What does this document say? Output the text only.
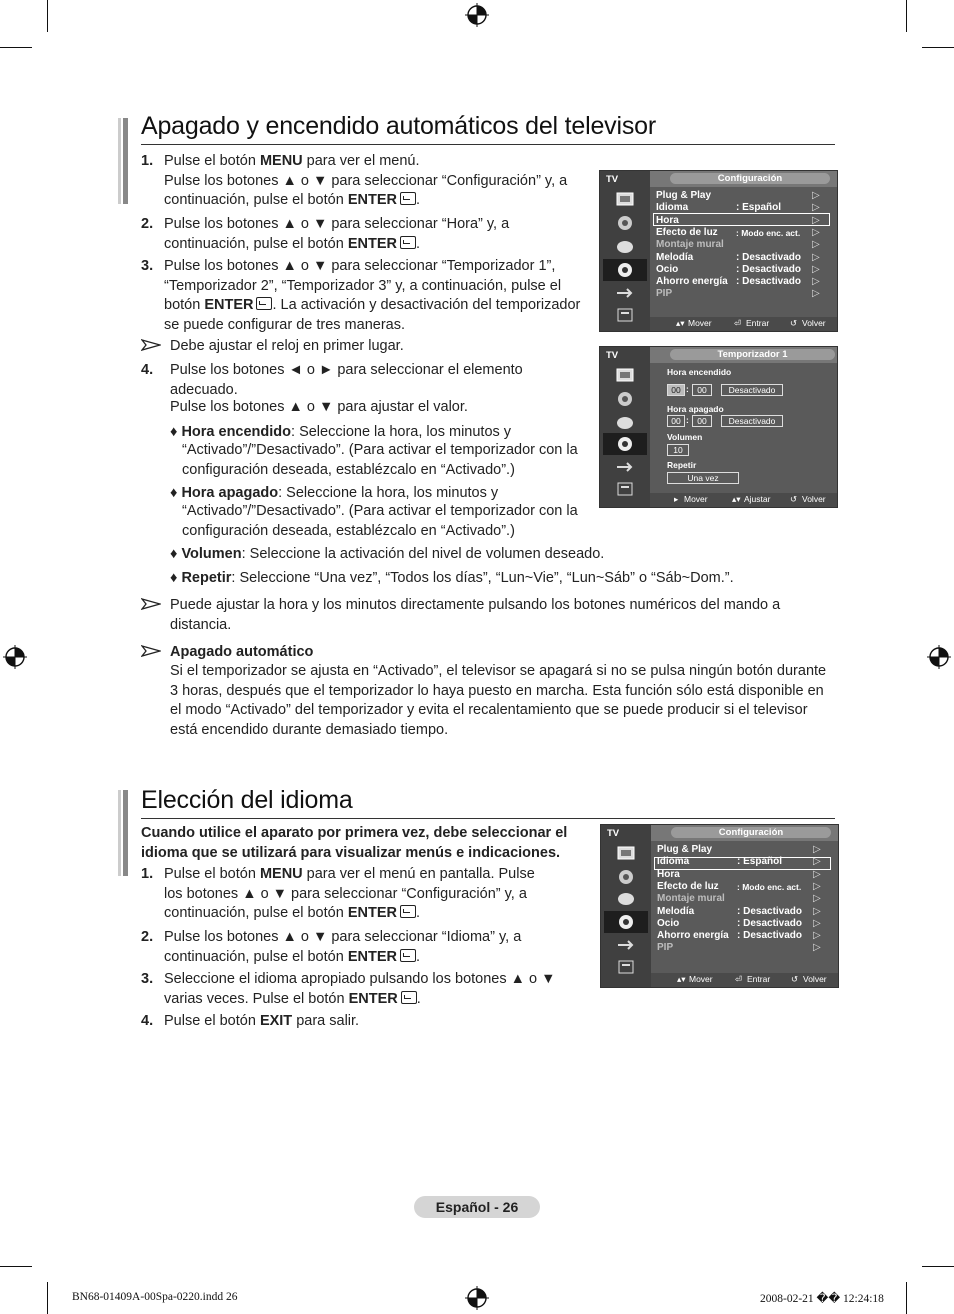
Apagado y encendido automáticos del televisor
1. Pulse el botón MENU para ver el menú.
Pulse los botones ▲ o ▼ para seleccionar “Configuración” y, a
continuación, pulse el botón ENTER .
2. Pulse los botones ▲ o ▼ para seleccionar “Hora” y, a
continuación, pulse el botón ENTER .
3. Pulse los botones ▲ o ▼ para seleccionar “Temporizador 1”,
“Temporizador 2”, “Temporizador 3” y, a continuación, pulse el
botón ENTER . La activación y desactivación del temporizador
se puede configurar de tres maneras.
Debe ajustar el reloj en primer lugar.
4. Pulse los botones ◄ o ► para seleccionar el elemento
adecuado.
Pulse los botones ▲ o ▼ para ajustar el valor.
♦ Hora encendido: Seleccione la hora, los minutos y
“Activado”/”Desactivado”. (Para activar el temporizador con la
configuración deseada, establézcalo en “Activado”.)
♦ Hora apagado: Seleccione la hora, los minutos y
“Activado”/”Desactivado”. (Para activar el temporizador con la
configuración deseada, establézcalo en “Activado”.)
♦ Volumen: Seleccione la activación del nivel de volumen deseado.
♦ Repetir: Seleccione “Una vez”, “Todos los días”, “Lun~Vie”, “Lun~Sáb” o “Sáb~Dom.”.
Puede ajustar la hora y los minutos directamente pulsando los botones numéricos del mando a
distancia.
Apagado automático
Si el temporizador se ajusta en “Activado”, el televisor se apagará si no se pulsa ningún botón durante
3 horas, después que el temporizador lo haya puesto en marcha. Esta función sólo está disponible en
el modo “Activado” del temporizador y evita el recalentamiento que se puede producir si el televisor
está encendido durante demasiado tiempo.
TV	Configuración
▴▾ Mover	⏎ Entrar ↺ Volver
Plug & Play	▷
Idioma	: Español	▷
Hora	▷
Efecto de luz : Modo enc. act. ▷
Montaje mural	▷
Melodía	: Desactivado ▷
Ocio	: Desactivado ▷
Ahorro energía : Desactivado ▷
PIP	▷
TV	Temporizador 1
Hora encendido
00 : 00	Desactivado
Hora apagado
00 : 00	Desactivado
Volumen
10
Repetir
Una vez
▸ Mover	▴▾ Ajustar ↺ Volver
Elección del idioma
Cuando utilice el aparato por primera vez, debe seleccionar el
idioma que se utilizará para visualizar menús e indicaciones.
1. Pulse el botón MENU para ver el menú en pantalla. Pulse
los botones ▲ o ▼ para seleccionar “Configuración” y, a
continuación, pulse el botón ENTER .
2. Pulse los botones ▲ o ▼ para seleccionar “Idioma” y, a
continuación, pulse el botón ENTER .
3. Seleccione el idioma apropiado pulsando los botones ▲ o ▼
varias veces. Pulse el botón ENTER .
4. Pulse el botón EXIT para salir.
TV	Configuración
▴▾ Mover	⏎ Entrar ↺ Volver
Plug & Play	▷
Idioma	: Español	▷
Hora	▷
Efecto de luz : Modo enc. act. ▷
Montaje mural	▷
Melodía	: Desactivado ▷
Ocio	: Desactivado ▷
Ahorro energía : Desactivado ▷
PIP	▷
Español - 26
BN68-01409A-00Spa-0220.indd 26	2008-02-21 �� 12:24:18
